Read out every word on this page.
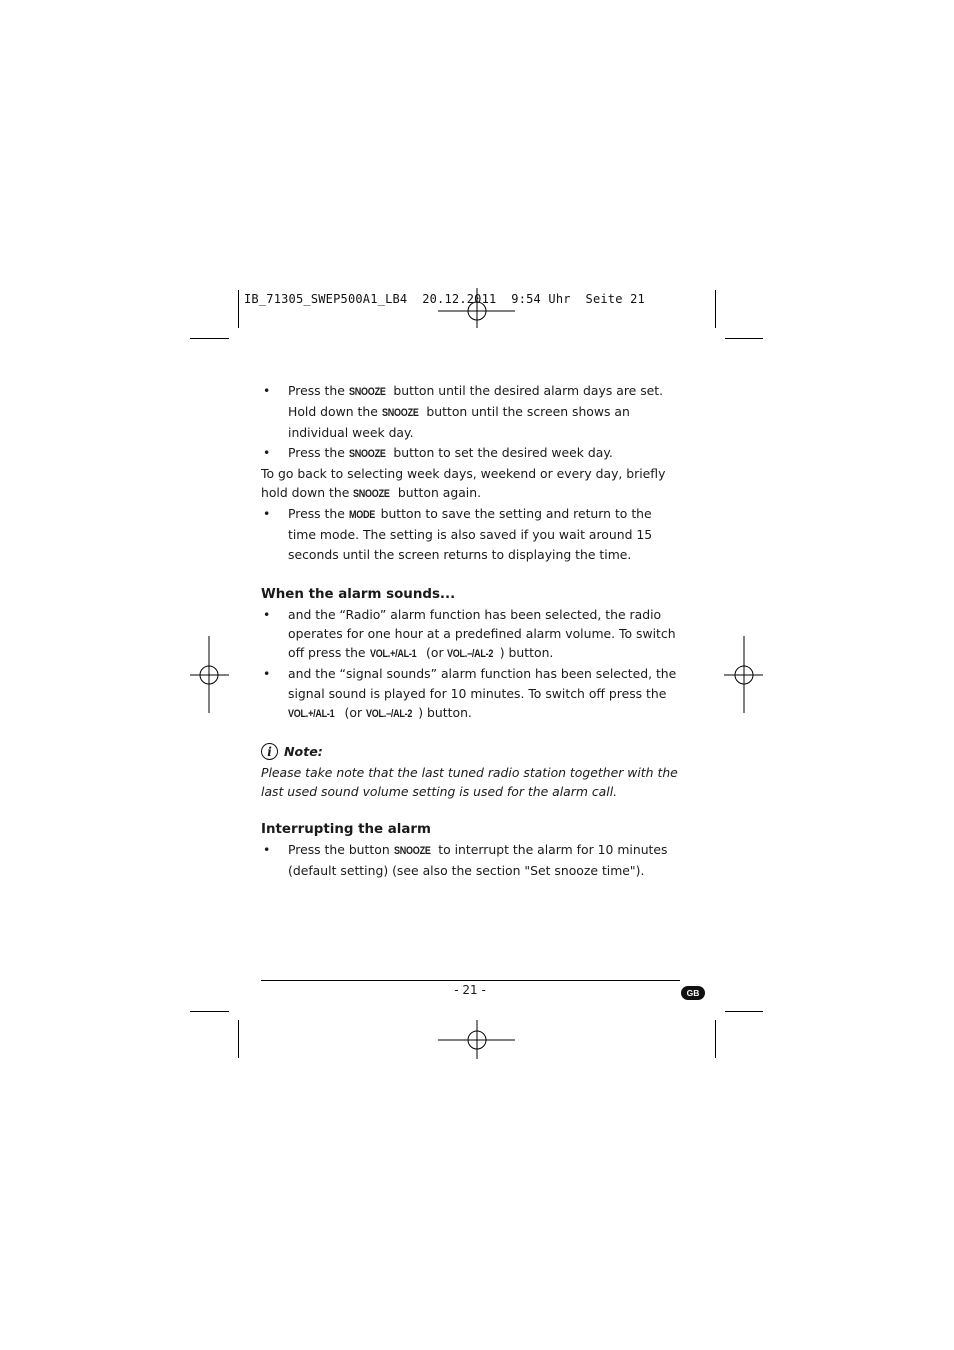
IB_71305_SWEP500A1_LB4  20.12.2011  9:54 Uhr  Seite 21

• Press the SNOOZE button until the desired alarm days are set. Hold down the SNOOZE button until the screen shows an individual week day.

• Press the SNOOZE button to set the desired week day.

To go back to selecting week days, weekend or every day, briefly hold down the SNOOZE button again.

• Press the MODE button to save the setting and return to the time mode. The setting is also saved if you wait around 15 seconds until the screen returns to displaying the time.

When the alarm sounds...

• and the “Radio” alarm function has been selected, the radio operates for one hour at a predefined alarm volume. To switch off press the VOL.+/AL-1 (or VOL.–/AL-2 ) button.

• and the “signal sounds” alarm function has been selected, the signal sound is played for 10 minutes. To switch off press the VOL.+/AL-1 (or VOL.–/AL-2 ) button.

i Note:

Please take note that the last tuned radio station together with the last used sound volume setting is used for the alarm call.

Interrupting the alarm

• Press the button SNOOZE to interrupt the alarm for 10 minutes (default setting) (see also the section "Set snooze time").

- 21 -	GB
